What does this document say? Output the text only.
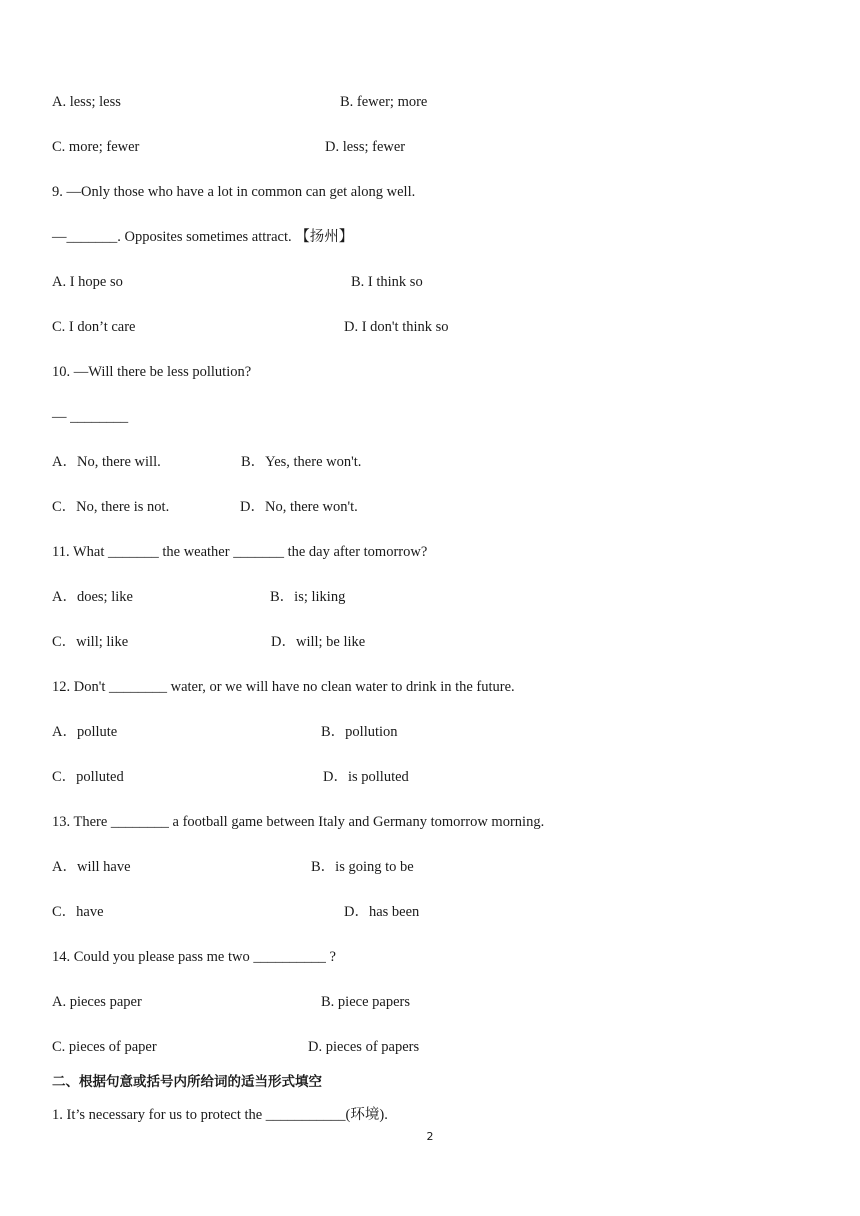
A. less; less	B. fewer; more
C. more; fewer	D. less; fewer
9. —Only those who have a lot in common can get along well.
—_______. Opposites sometimes attract. 【扬州】
A. I hope so	B. I think so
C. I don’t care	D. I don't think so
10. —Will there be less pollution?
— ________
A．No, there will.	B．Yes, there won't.
C．No, there is not.	D．No, there won't.
11. What _______ the weather _______ the day after tomorrow?
A．does; like	B．is; liking
C．will; like	D．will; be like
12. Don't ________ water, or we will have no clean water to drink in the future.
A．pollute	B．pollution
C．polluted	D．is polluted
13. There ________ a football game between Italy and Germany tomorrow morning.
A．will have	B．is going to be
C．have	D．has been
14. Could you please pass me two __________ ?
A. pieces paper	B. piece papers
C. pieces of paper	D. pieces of papers
二、根据句意或括号内所给词的适当形式填空
1. It’s necessary for us to protect the ___________(环境).
2
